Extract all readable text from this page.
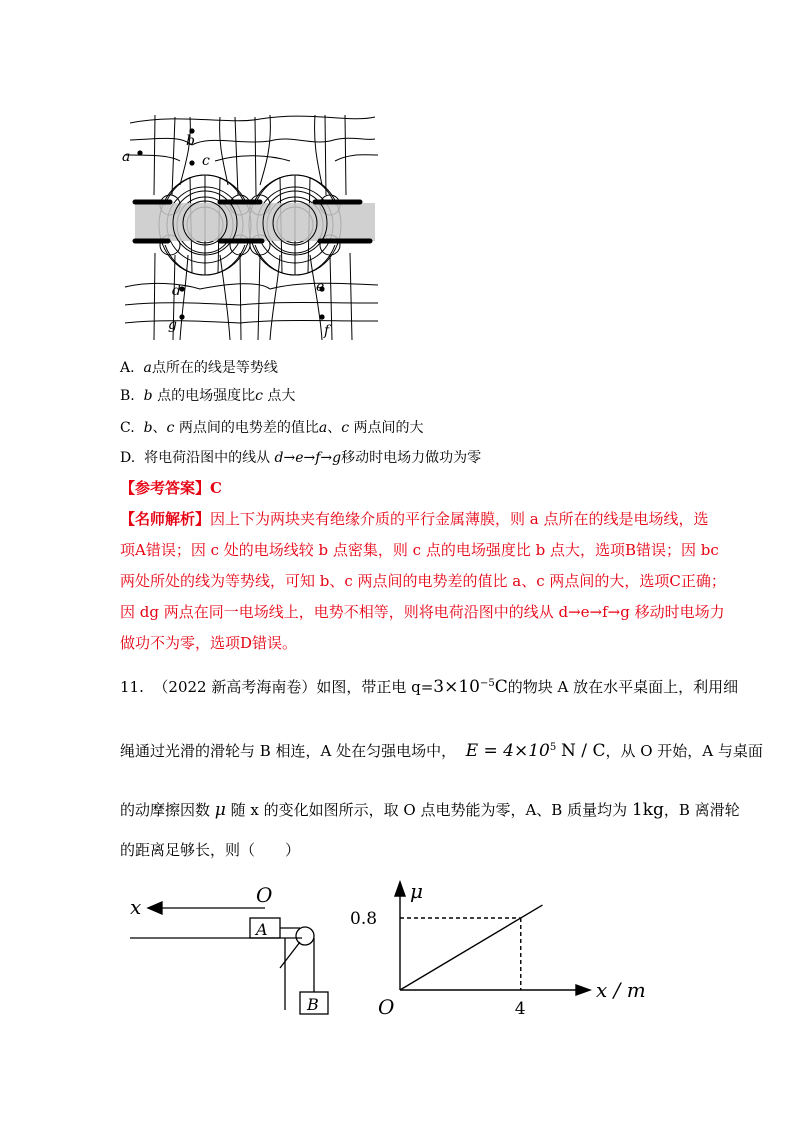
a
b
c
d
g
e
f
A. a点所在的线是等势线
B. b 点的电场强度比c 点大
C. b、c 两点间的电势差的值比a、c 两点间的大
D. 将电荷沿图中的线从 d→e→f→g移动时电场力做功为零
【参考答案】C
【名师解析】因上下为两块夹有绝缘介质的平行金属薄膜，则 a 点所在的线是电场线，选
项A错误；因 c 处的电场线较 b 点密集，则 c 点的电场强度比 b 点大，选项B错误；因 bc
两处所处的线为等势线，可知 b、c 两点间的电势差的值比 a、c 两点间的大，选项C正确；
因 dg 两点在同一电场线上，电势不相等，则将电荷沿图中的线从 d→e→f→g 移动时电场力
做功不为零，选项D错误。
11. （2022 新高考海南卷）如图，带正电 $q=3\times 10^{-5}C$的物块 A 放在水平桌面上，利用细
绳通过光滑的滑轮与 B 相连，A 处在匀强电场中， $E = 4\times 10^5$ N / C，从 O 开始，A 与桌面
的动摩擦因数 μ 随 x 的变化如图所示，取 O 点电势能为零，A、B 质量均为 1kg，B 离滑轮
的距离足够长，则（　　）
x	O
A
B
μ
x / m
O	4
0.8
